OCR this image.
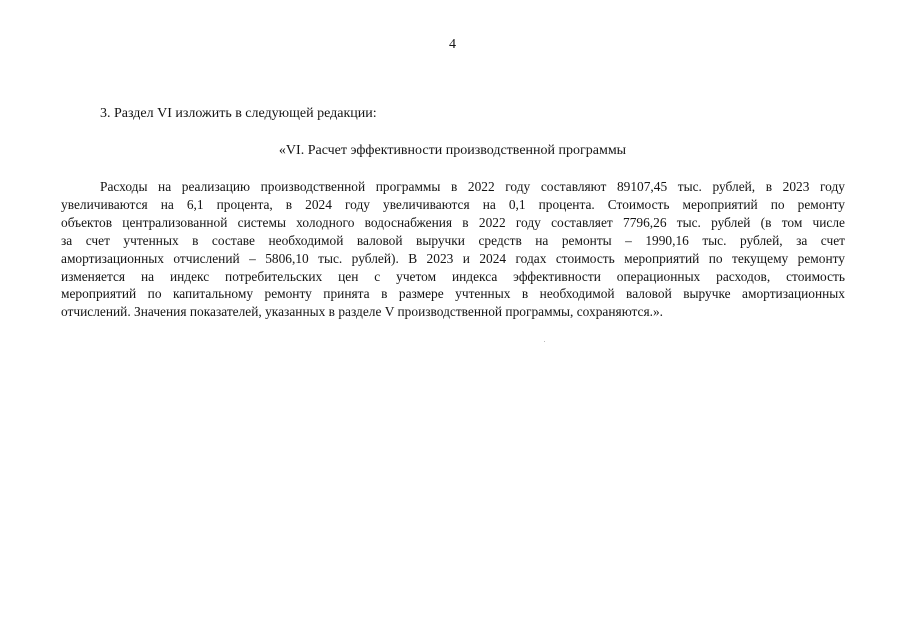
4
3. Раздел VI изложить в следующей редакции:
«VI. Расчет эффективности производственной программы
Расходы на реализацию производственной программы в 2022 году составляют 89107,45 тыс. рублей, в 2023 году
увеличиваются на 6,1 процента, в 2024 году увеличиваются на 0,1 процента. Стоимость мероприятий по ремонту
объектов централизованной системы холодного водоснабжения в 2022 году составляет 7796,26 тыс. рублей (в том числе
за счет учтенных в составе необходимой валовой выручки средств на ремонты – 1990,16 тыс. рублей, за счет
амортизационных отчислений – 5806,10 тыс. рублей). В 2023 и 2024 годах стоимость мероприятий по текущему ремонту
изменяется на индекс потребительских цен с учетом индекса эффективности операционных расходов, стоимость
мероприятий по капитальному ремонту принята в размере учтенных в необходимой валовой выручке амортизационных
отчислений. Значения показателей, указанных в разделе V производственной программы, сохраняются.».
